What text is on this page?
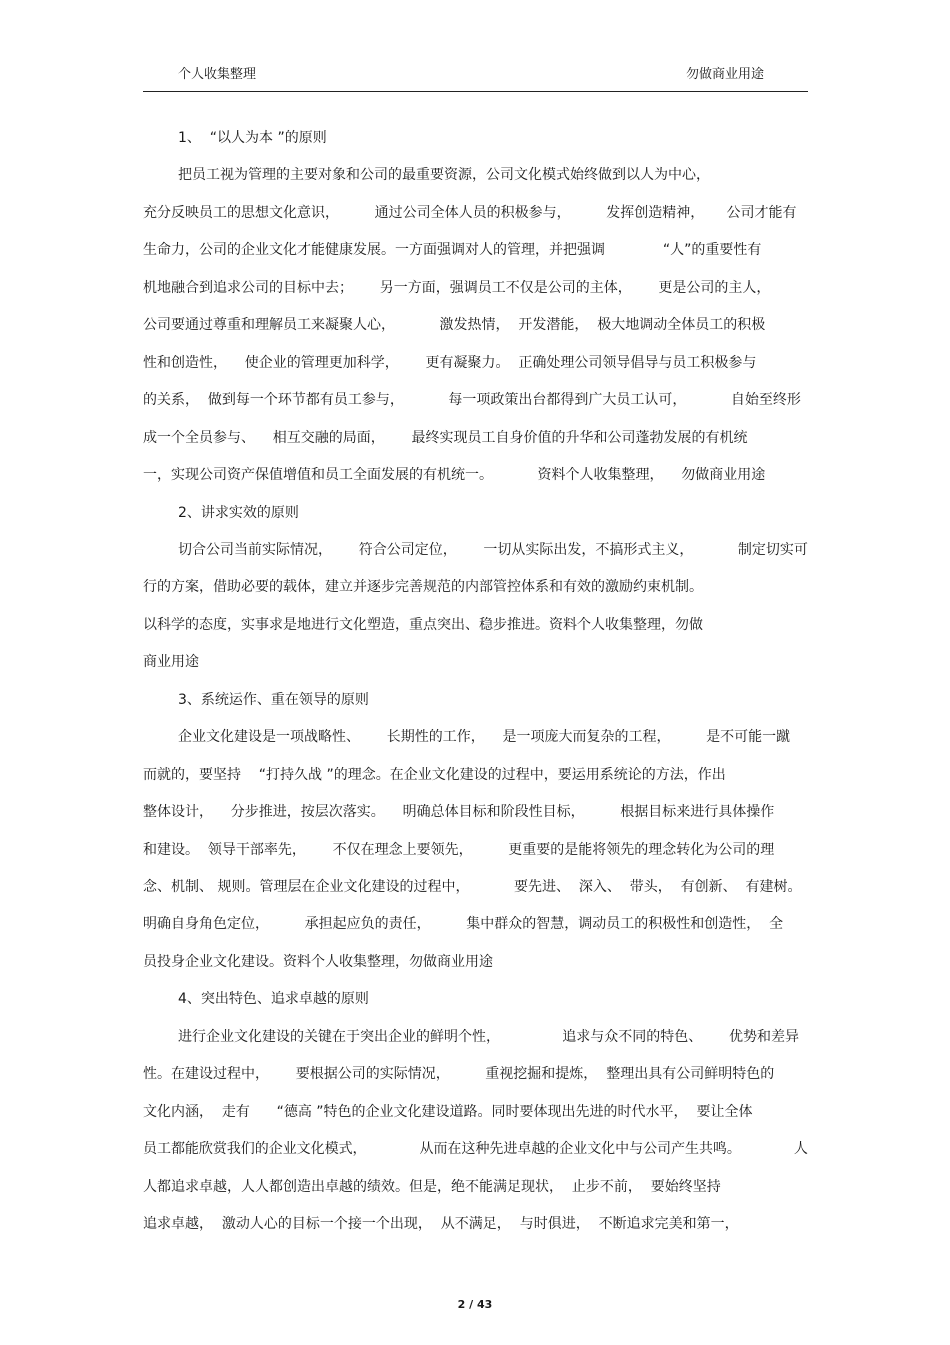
个人收集整理	勿做商业用途
1、  “以人为本 ”的原则
把员工视为管理的主要对象和公司的最重要资源，公司文化模式始终做到以人为中心，
充分反映员工的思想文化意识，        通过公司全体人员的积极参与，        发挥创造精神，     公司才能有
生命力，公司的企业文化才能健康发展。一方面强调对人的管理，并把强调             “人”的重要性有
机地融合到追求公司的目标中去；      另一方面，强调员工不仅是公司的主体，      更是公司的主人，
公司要通过尊重和理解员工来凝聚人心，          激发热情，  开发潜能，  极大地调动全体员工的积极
性和创造性，    使企业的管理更加科学，      更有凝聚力。  正确处理公司领导倡导与员工积极参与
的关系，  做到每一个环节都有员工参与，          每一项政策出台都得到广大员工认可，          自始至终形
成一个全员参与、    相互交融的局面，      最终实现员工自身价值的升华和公司蓬勃发展的有机统
一，实现公司资产保值增值和员工全面发展的有机统一。          资料个人收集整理，    勿做商业用途
2、讲求实效的原则
切合公司当前实际情况，      符合公司定位，      一切从实际出发，不搞形式主义，          制定切实可
行的方案，借助必要的载体，建立并逐步完善规范的内部管控体系和有效的激励约束机制。
以科学的态度，实事求是地进行文化塑造，重点突出、稳步推进。资料个人收集整理，勿做
商业用途
3、系统运作、重在领导的原则
企业文化建设是一项战略性、      长期性的工作，    是一项庞大而复杂的工程，        是不可能一蹴
而就的，要坚持    “打持久战 ”的理念。在企业文化建设的过程中，要运用系统论的方法，作出
整体设计，    分步推进，按层次落实。    明确总体目标和阶段性目标，        根据目标来进行具体操作
和建设。  领导干部率先，      不仅在理念上要领先，        更重要的是能将领先的理念转化为公司的理
念、机制、 规则。管理层在企业文化建设的过程中，          要先进、  深入、  带头，  有创新、  有建树。
明确自身角色定位，        承担起应负的责任，        集中群众的智慧，调动员工的积极性和创造性，  全
员投身企业文化建设。资料个人收集整理，勿做商业用途
4、突出特色、追求卓越的原则
进行企业文化建设的关键在于突出企业的鲜明个性，              追求与众不同的特色、      优势和差异
性。在建设过程中，      要根据公司的实际情况，        重视挖掘和提炼，  整理出具有公司鲜明特色的
文化内涵，  走有      “德高 ”特色的企业文化建设道路。同时要体现出先进的时代水平，  要让全体
员工都能欣赏我们的企业文化模式，            从而在这种先进卓越的企业文化中与公司产生共鸣。            人
人都追求卓越，人人都创造出卓越的绩效。但是，绝不能满足现状，  止步不前，  要始终坚持
追求卓越，  激动人心的目标一个接一个出现，  从不满足，  与时俱进，  不断追求完美和第一，
2 / 43
